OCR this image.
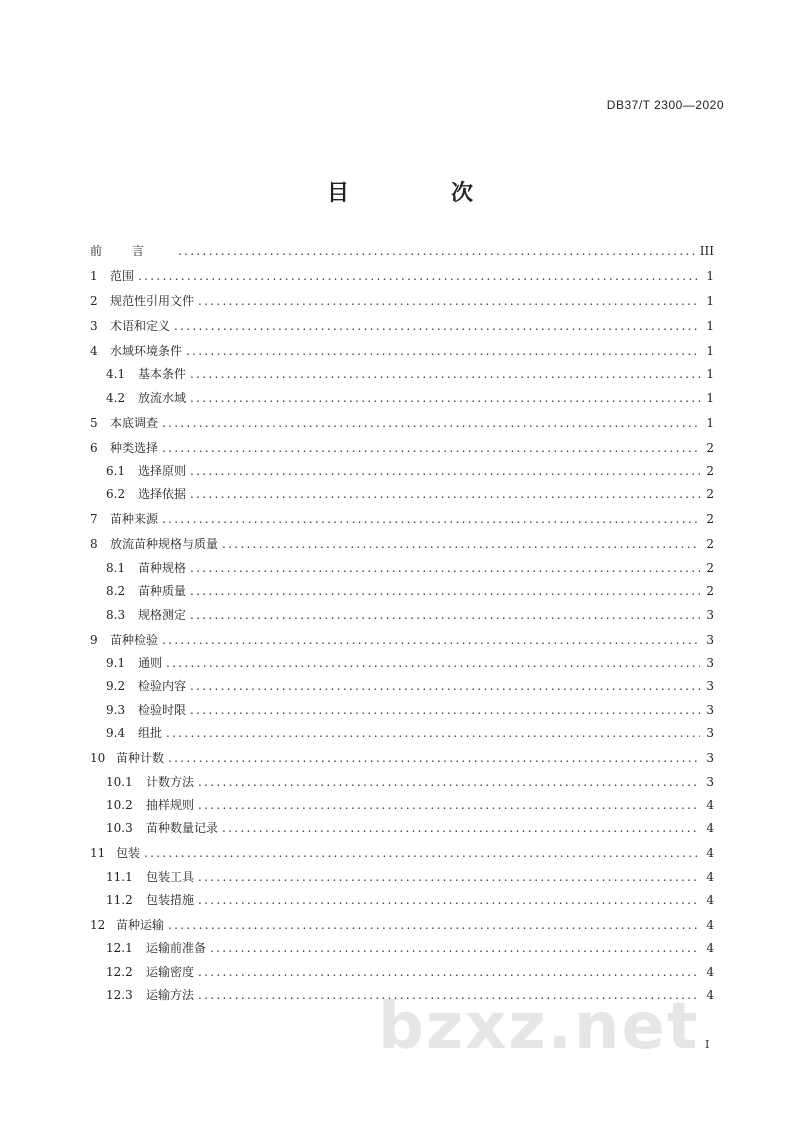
DB37/T 2300—2020
目　次
前言 .....	III
1	范围 .....	1
2	规范性引用文件 .....	1
3	术语和定义 .....	1
4	水域环境条件 .....	1
4.1	基本条件 .....	1
4.2	放流水域 .....	1
5	本底调查 .....	1
6	种类选择 .....	2
6.1	选择原则 .....	2
6.2	选择依据 .....	2
7	苗种来源 .....	2
8	放流苗种规格与质量 .....	2
8.1	苗种规格 .....	2
8.2	苗种质量 .....	2
8.3	规格测定 .....	3
9	苗种检验 .....	3
9.1	通则 .....	3
9.2	检验内容 .....	3
9.3	检验时限 .....	3
9.4	组批 .....	3
10 苗种计数 .....	3
10.1	计数方法 .....	3
10.2	抽样规则 .....	4
10.3	苗种数量记录 .....	4
11 包装 .....	4
11.1	包装工具 .....	4
11.2	包装措施 .....	4
12 苗种运输 .....	4
12.1	运输前准备 .....	4
12.2	运输密度 .....	4
12.3	运输方法 .....	4
bzxz.net I
